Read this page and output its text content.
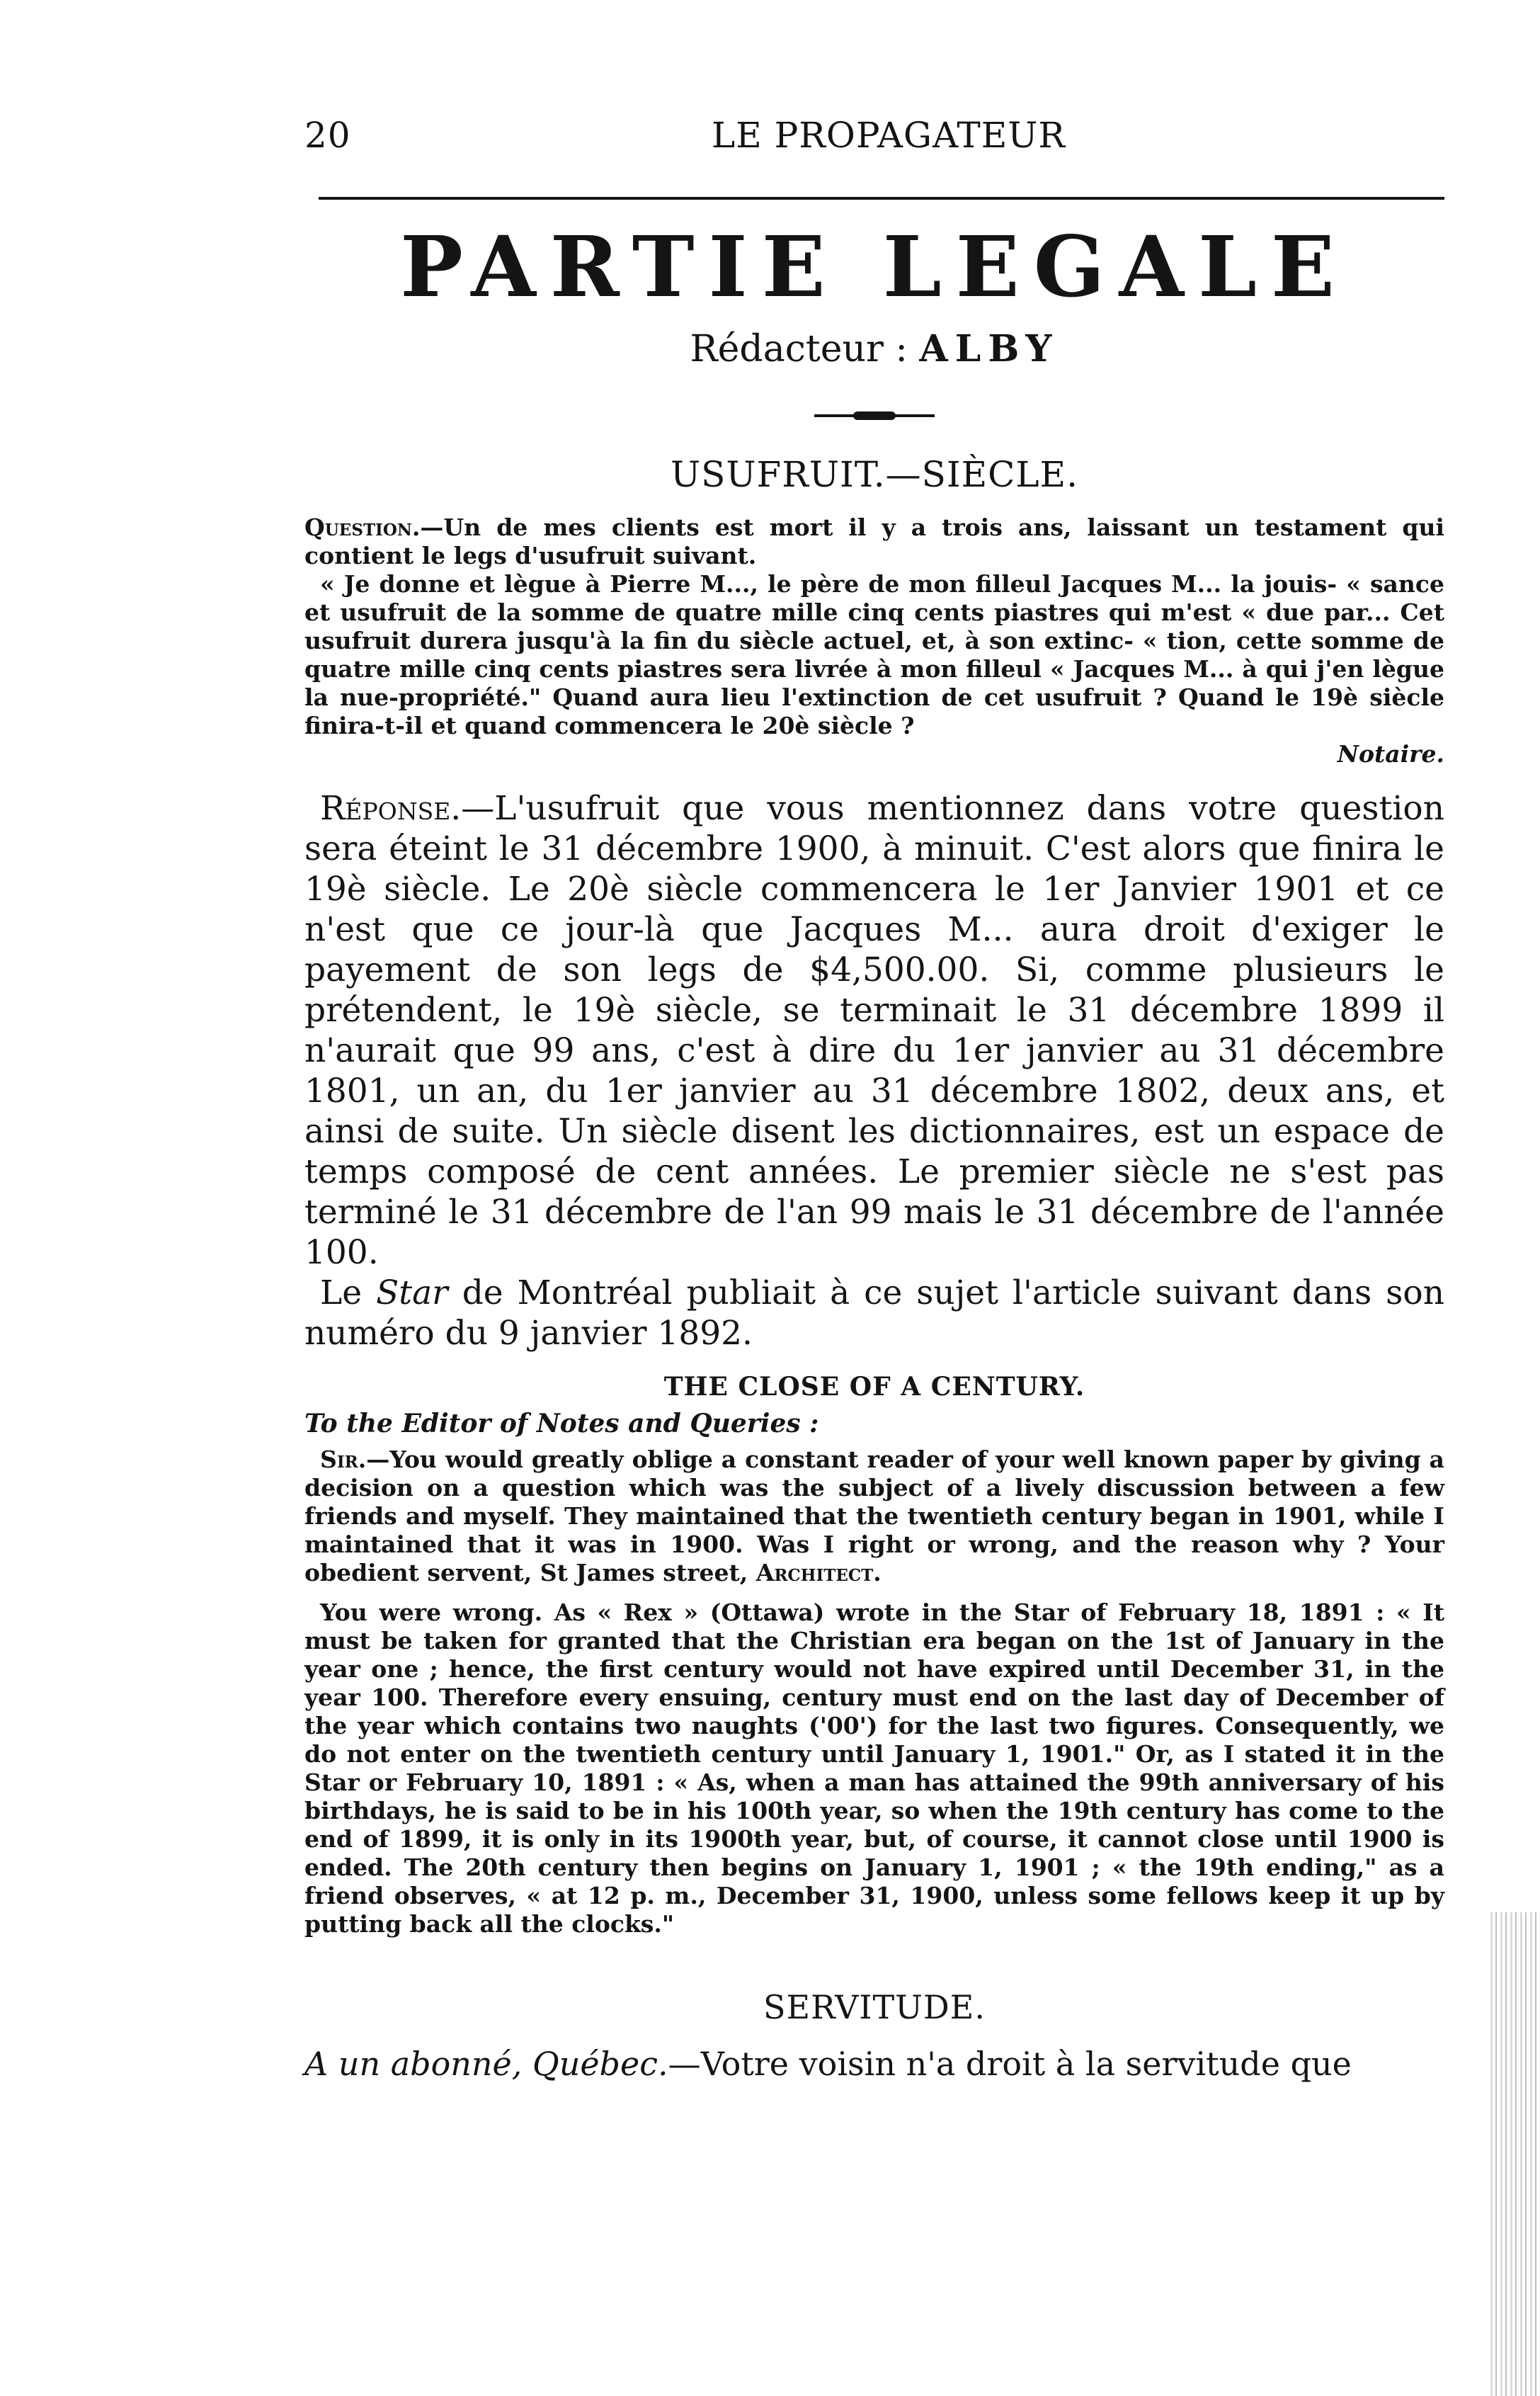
20	LE PROPAGATEUR
PARTIE LEGALE
Rédacteur : ALBY
USUFRUIT.—SIÈCLE.

Question.—Un de mes clients est mort il y a trois ans, laissant un testament qui contient le legs d'usufruit suivant.

« Je donne et lègue à Pierre M..., le père de mon filleul Jacques M... la jouis- « sance et usufruit de la somme de quatre mille cinq cents piastres qui m'est « due par... Cet usufruit durera jusqu'à la fin du siècle actuel, et, à son extinc- « tion, cette somme de quatre mille cinq cents piastres sera livrée à mon filleul « Jacques M... à qui j'en lègue la nue-propriété." Quand aura lieu l'extinction de cet usufruit ? Quand le 19è siècle finira-t-il et quand commencera le 20è siècle ?

Notaire.

Réponse.—L'usufruit que vous mentionnez dans votre question sera éteint le 31 décembre 1900, à minuit. C'est alors que finira le 19è siècle. Le 20è siècle commencera le 1er Janvier 1901 et ce n'est que ce jour-là que Jacques M... aura droit d'exiger le payement de son legs de $4,500.00. Si, comme plusieurs le prétendent, le 19è siècle, se terminait le 31 décembre 1899 il n'aurait que 99 ans, c'est à dire du 1er janvier au 31 décembre 1801, un an, du 1er janvier au 31 décembre 1802, deux ans, et ainsi de suite. Un siècle disent les dictionnaires, est un espace de temps composé de cent années. Le premier siècle ne s'est pas terminé le 31 décembre de l'an 99 mais le 31 décembre de l'année 100.

Le Star de Montréal publiait à ce sujet l'article suivant dans son numéro du 9 janvier 1892.

THE CLOSE OF A CENTURY.
To the Editor of Notes and Queries :

Sir.—You would greatly oblige a constant reader of your well known paper by giving a decision on a question which was the subject of a lively discussion between a few friends and myself. They maintained that the twentieth century began in 1901, while I maintained that it was in 1900. Was I right or wrong, and the reason why ? Your obedient servent, St James street, Architect.

You were wrong. As « Rex » (Ottawa) wrote in the Star of February 18, 1891 : « It must be taken for granted that the Christian era began on the 1st of January in the year one ; hence, the first century would not have expired until December 31, in the year 100. Therefore every ensuing, century must end on the last day of December of the year which contains two naughts ('00') for the last two figures. Consequently, we do not enter on the twentieth century until January 1, 1901." Or, as I stated it in the Star or February 10, 1891 : « As, when a man has attained the 99th anniversary of his birthdays, he is said to be in his 100th year, so when the 19th century has come to the end of 1899, it is only in its 1900th year, but, of course, it cannot close until 1900 is ended. The 20th century then begins on January 1, 1901 ; « the 19th ending," as a friend observes, « at 12 p. m., December 31, 1900, unless some fellows keep it up by putting back all the clocks."

SERVITUDE.
A un abonné, Québec.—Votre voisin n'a droit à la servitude que
